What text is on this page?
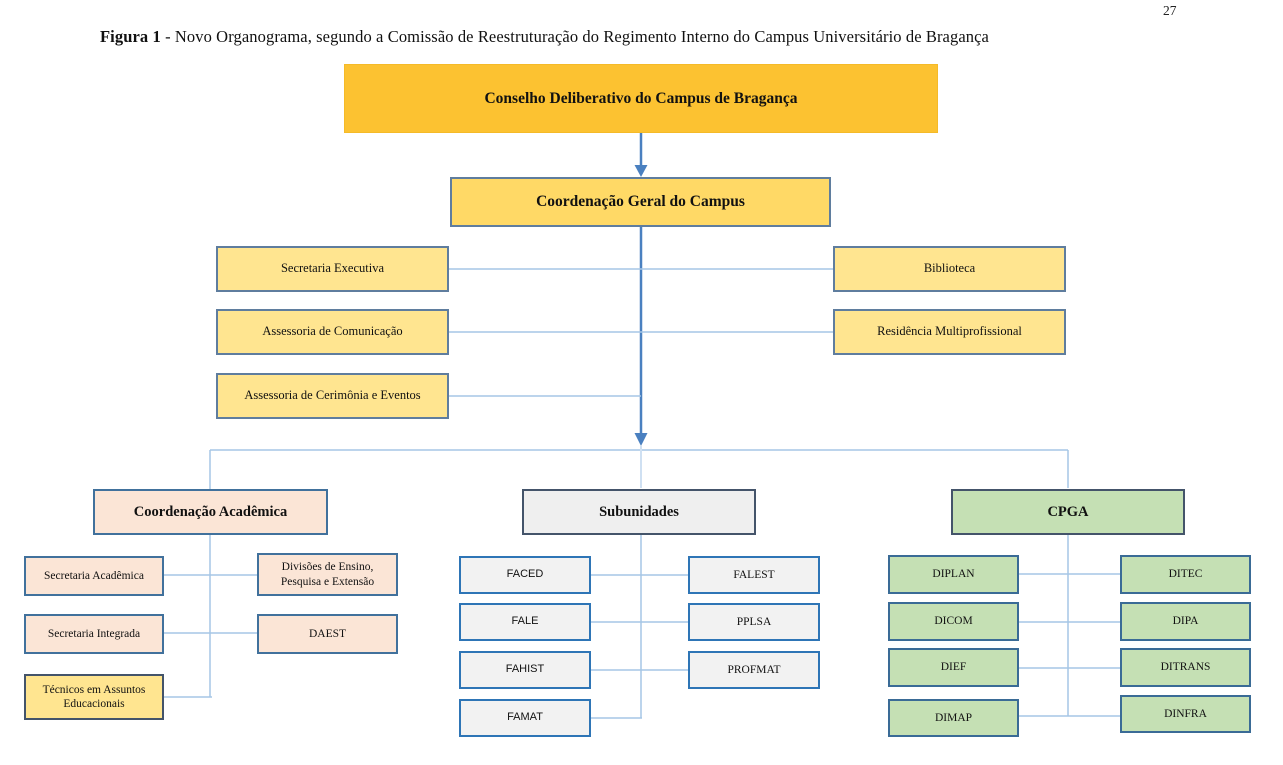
27
Figura 1 - Novo Organograma, segundo a Comissão de Reestruturação do Regimento Interno do Campus Universitário de Bragança
Conselho Deliberativo do Campus de Bragança
Coordenação Geral do Campus
Secretaria Executiva
Assessoria de Comunicação
Assessoria de Cerimônia e Eventos
Biblioteca
Residência Multiprofissional
Coordenação Acadêmica	Subunidades	CPGA
Secretaria Acadêmica
Secretaria Integrada
Técnicos em Assuntos Educacionais
Divisões de Ensino, Pesquisa e Extensão
DAEST
FACED
FALE
FAHIST
FAMAT
FALEST
PPLSA
PROFMAT
DIPLAN
DICOM
DIEF
DIMAP
DITEC
DIPA
DITRANS
DINFRA
